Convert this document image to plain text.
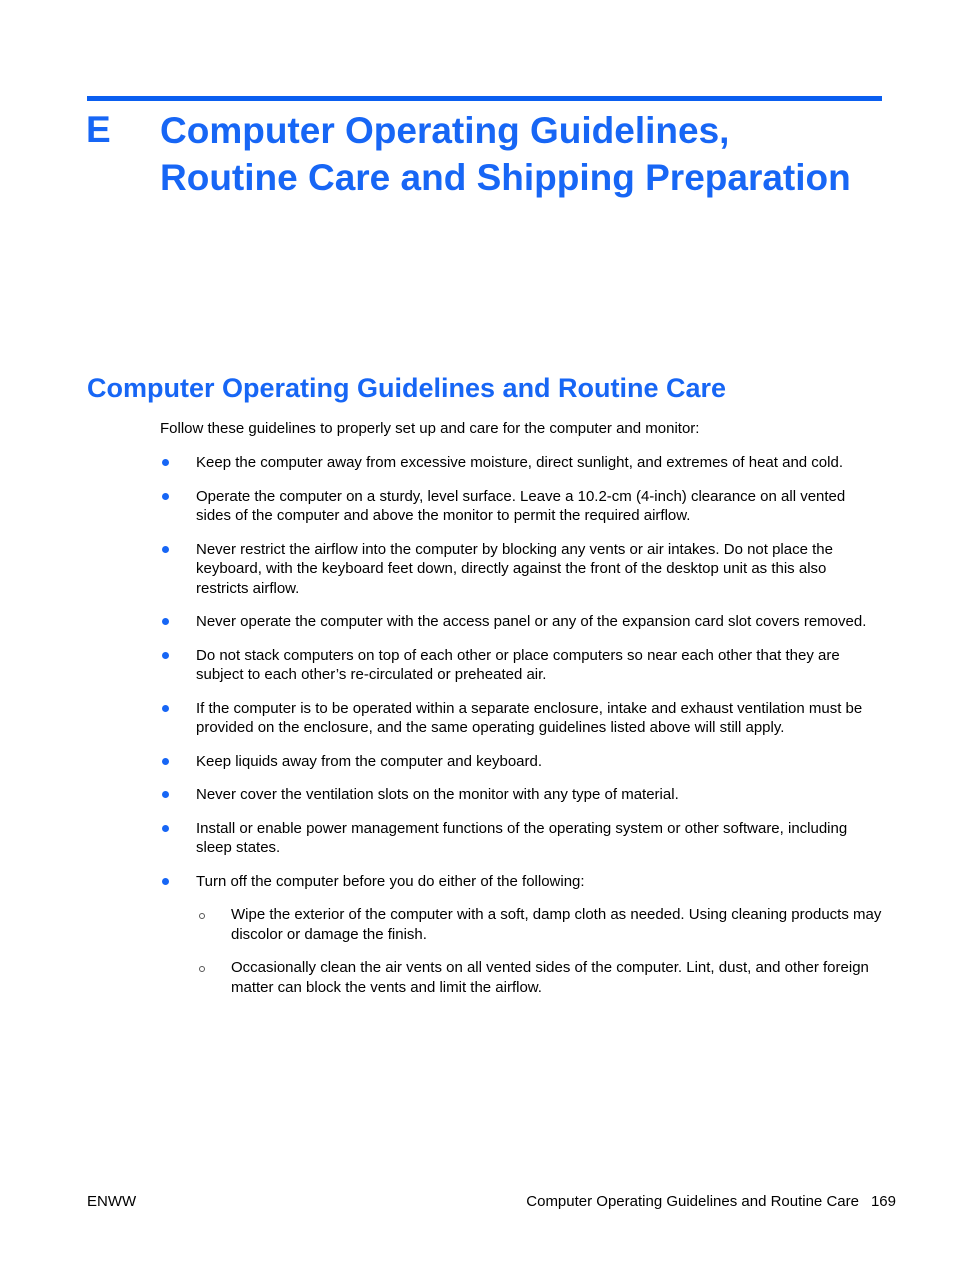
E Computer Operating Guidelines,
Routine Care and Shipping Preparation
Computer Operating Guidelines and Routine Care

Follow these guidelines to properly set up and care for the computer and monitor:

Keep the computer away from excessive moisture, direct sunlight, and extremes of heat and cold.
Operate the computer on a sturdy, level surface. Leave a 10.2-cm (4-inch) clearance on all vented sides of the computer and above the monitor to permit the required airflow.
Never restrict the airflow into the computer by blocking any vents or air intakes. Do not place the keyboard, with the keyboard feet down, directly against the front of the desktop unit as this also restricts airflow.
Never operate the computer with the access panel or any of the expansion card slot covers removed.
Do not stack computers on top of each other or place computers so near each other that they are subject to each other’s re-circulated or preheated air.
If the computer is to be operated within a separate enclosure, intake and exhaust ventilation must be provided on the enclosure, and the same operating guidelines listed above will still apply.
Keep liquids away from the computer and keyboard.
Never cover the ventilation slots on the monitor with any type of material.
Install or enable power management functions of the operating system or other software, including sleep states.
Turn off the computer before you do either of the following:
Wipe the exterior of the computer with a soft, damp cloth as needed. Using cleaning products may discolor or damage the finish.
Occasionally clean the air vents on all vented sides of the computer. Lint, dust, and other foreign matter can block the vents and limit the airflow.
ENWW	Computer Operating Guidelines and Routine Care 169
